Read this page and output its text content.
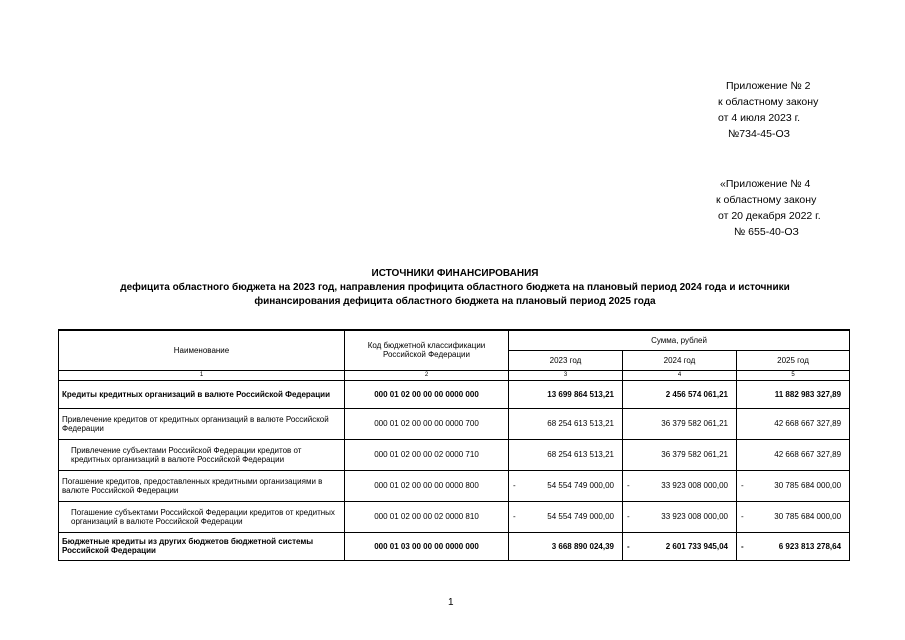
Приложение № 2
к областному закону
от 4 июля 2023 г.
№734-45-ОЗ
«Приложение № 4
к областному закону
от 20 декабря 2022 г.
№ 655-40-ОЗ
ИСТОЧНИКИ ФИНАНСИРОВАНИЯ
дефицита областного бюджета на 2023 год, направления профицита областного бюджета на плановый период 2024 года и источники
финансирования дефицита областного бюджета на плановый период 2025 года
Наименование	Код бюджетной классификации Российской Федерации	Сумма, рублей		
		2023 год	2024 год	2025 год
1	2	3	4	5
Кредиты кредитных организаций в валюте Российской Федерации	000 01 02 00 00 00 0000 000	13 699 864 513,21	2 456 574 061,21	11 882 983 327,89
Привлечение кредитов от кредитных организаций в валюте Российской Федерации	000 01 02 00 00 00 0000 700	68 254 613 513,21	36 379 582 061,21	42 668 667 327,89
Привлечение субъектами Российской Федерации кредитов от кредитных организаций в валюте Российской Федерации	000 01 02 00 00 02 0000 710	68 254 613 513,21	36 379 582 061,21	42 668 667 327,89
Погашение кредитов, предоставленных кредитными организациями в валюте Российской Федерации	000 01 02 00 00 00 0000 800	- 54 554 749 000,00	- 33 923 008 000,00	- 30 785 684 000,00
Погашение субъектами Российской Федерации кредитов от кредитных организаций в валюте Российской Федерации	000 01 02 00 00 02 0000 810	- 54 554 749 000,00	- 33 923 008 000,00	- 30 785 684 000,00
Бюджетные кредиты из других бюджетов бюджетной системы Российской Федерации	000 01 03 00 00 00 0000 000	3 668 890 024,39	- 2 601 733 945,04	- 6 923 813 278,64
1
